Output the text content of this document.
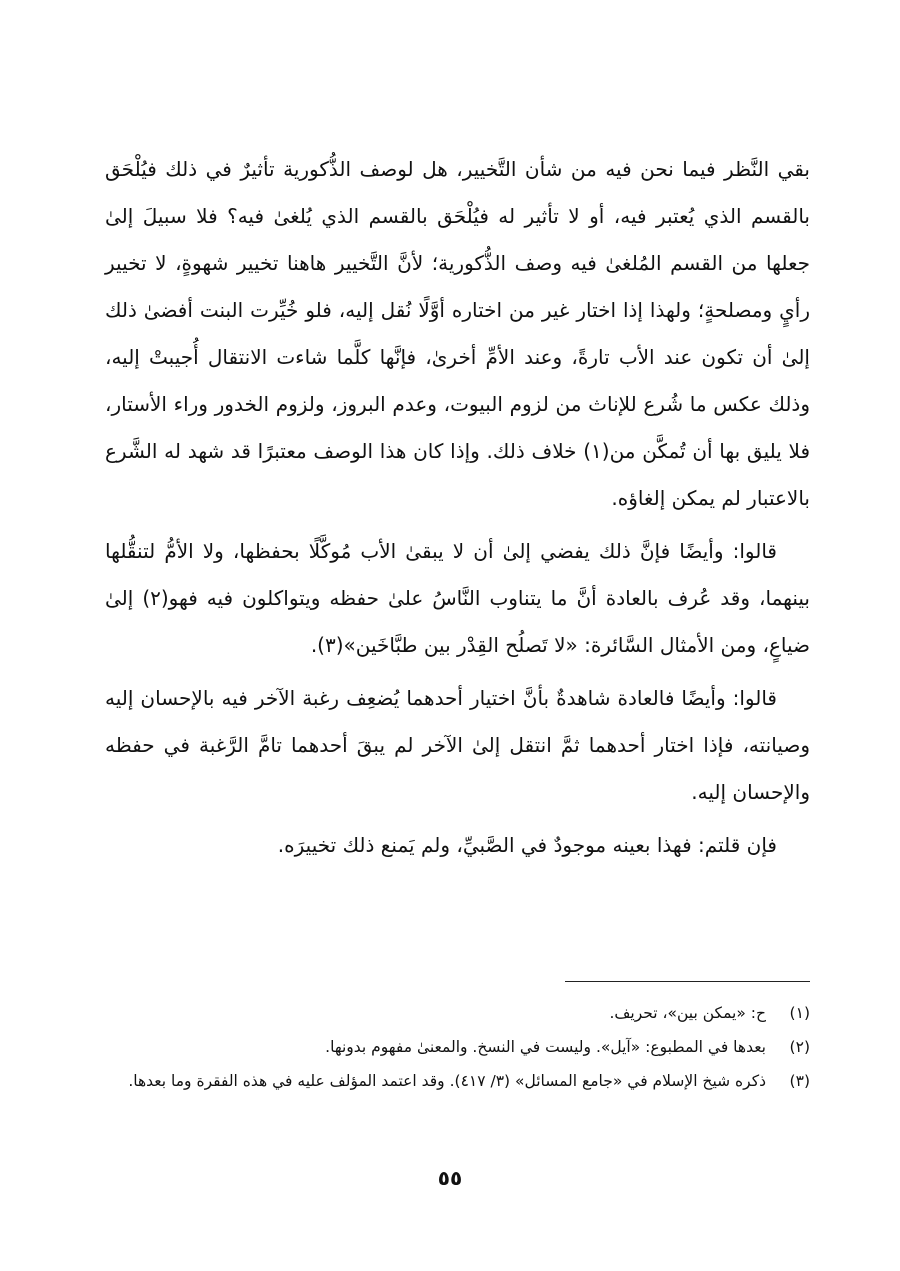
بقي النَّظر فيما نحن فيه من شأن التَّخيير، هل لوصف الذُّكورية تأثيرٌ في ذلك فيُلْحَق بالقسم الذي يُعتبر فيه، أو لا تأثير له فيُلْحَق بالقسم الذي يُلغىٰ فيه؟ فلا سبيلَ إلىٰ جعلها من القسم المُلغىٰ فيه وصف الذُّكورية؛ لأنَّ التَّخيير هاهنا تخيير شهوةٍ، لا تخيير رأيٍ ومصلحةٍ؛ ولهذا إذا اختار غير من اختاره أوَّلًا نُقل إليه، فلو خُيِّرت البنت أفضىٰ ذلك إلىٰ أن تكون عند الأب تارةً، وعند الأمِّ أخرىٰ، فإنَّها كلَّما شاءت الانتقال أُجيبتْ إليه، وذلك عكس ما شُرع للإناث من لزوم البيوت، وعدم البروز، ولزوم الخدور وراء الأستار، فلا يليق بها أن تُمكَّن من(١) خلاف ذلك. وإذا كان هذا الوصف معتبرًا قد شهد له الشَّرع بالاعتبار لم يمكن إلغاؤه.

قالوا: وأيضًا فإنَّ ذلك يفضي إلىٰ أن لا يبقىٰ الأب مُوكَّلًا بحفظها، ولا الأمُّ لتنقُّلها بينهما، وقد عُرف بالعادة أنَّ ما يتناوب النَّاسُ علىٰ حفظه ويتواكلون فيه فهو(٢) إلىٰ ضياعٍ، ومن الأمثال السَّائرة: «لا تَصلُح القِدْر بين طبَّاخَين»(٣).

قالوا: وأيضًا فالعادة شاهدةٌ بأنَّ اختيار أحدهما يُضعِف رغبة الآخر فيه بالإحسان إليه وصيانته، فإذا اختار أحدهما ثمَّ انتقل إلىٰ الآخر لم يبقَ أحدهما تامَّ الرَّغبة في حفظه والإحسان إليه.

فإن قلتم: فهذا بعينه موجودٌ في الصَّبيِّ، ولم يَمنع ذلك تخييرَه.

(١)
ح: «يمكن بين»، تحريف.
(٢)
بعدها في المطبوع: «آيل». وليست في النسخ. والمعنىٰ مفهوم بدونها.
(٣)
ذكره شيخ الإسلام في «جامع المسائل» (٣/ ٤١٧). وقد اعتمد المؤلف عليه في هذه الفقرة وما بعدها.
٥٥
